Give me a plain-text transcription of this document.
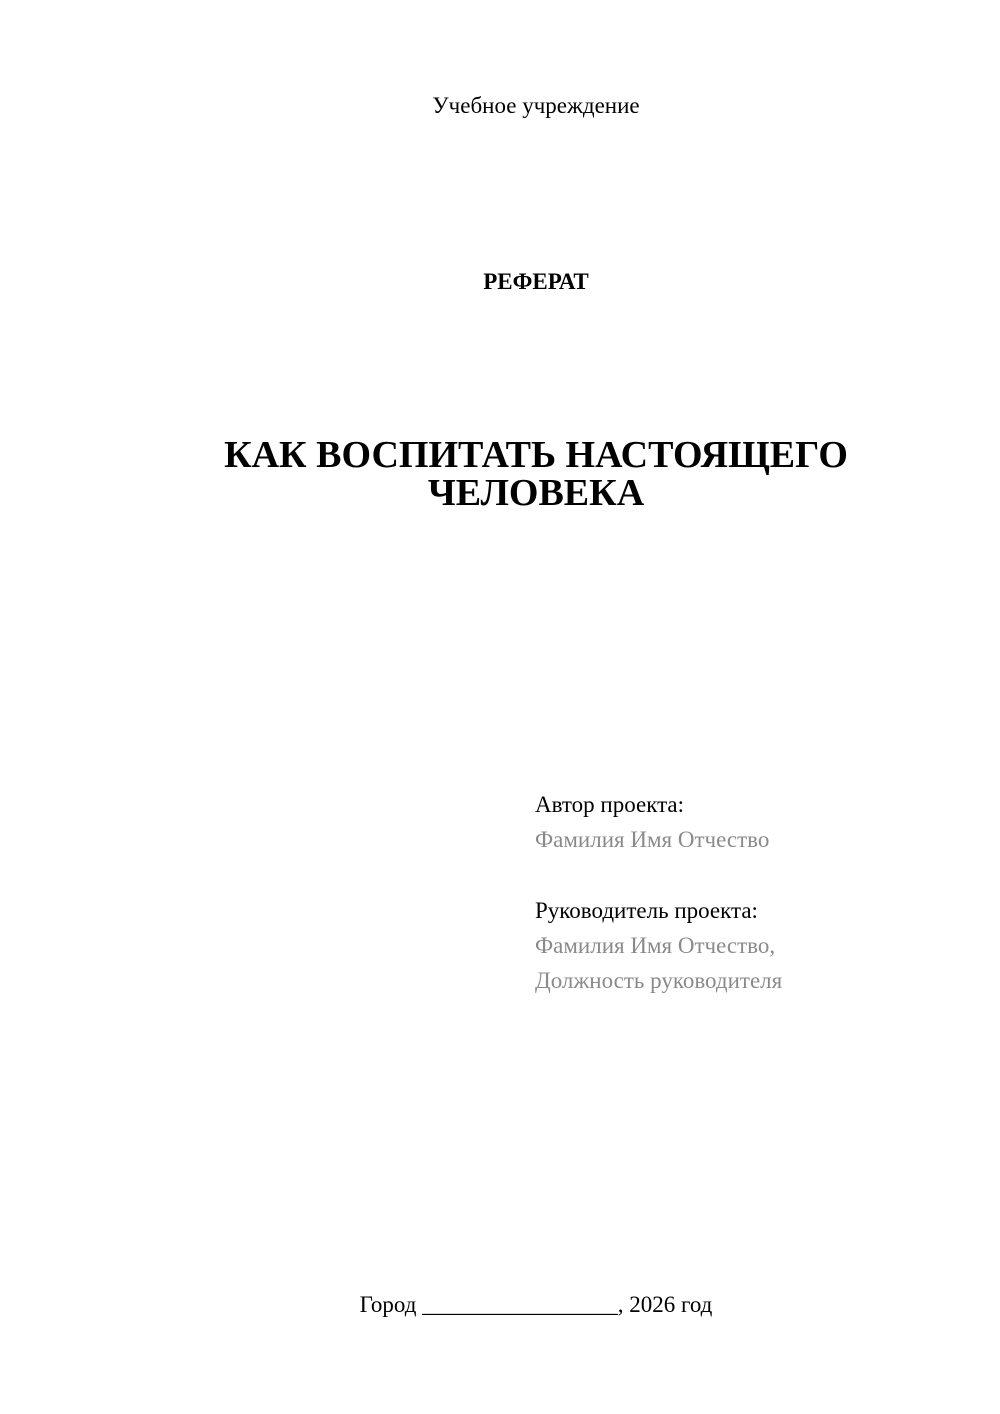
Учебное учреждение
РЕФЕРАТ
КАК ВОСПИТАТЬ НАСТОЯЩЕГО
ЧЕЛОВЕКА
Автор проекта:
Фамилия Имя Отчество
Руководитель проекта:
Фамилия Имя Отчество,
Должность руководителя
Город _________________, 2026 год
